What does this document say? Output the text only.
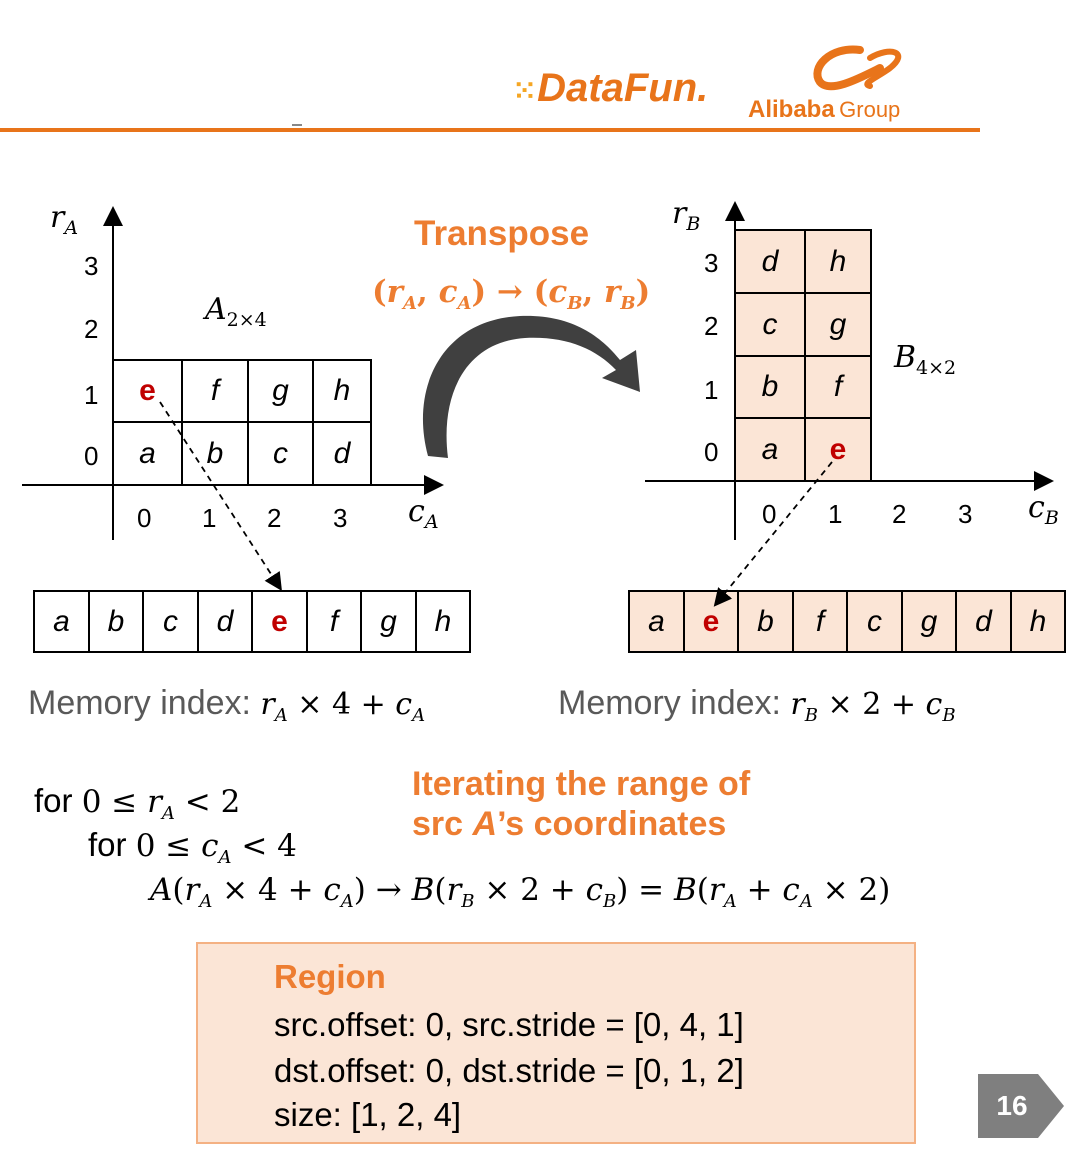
⁙DataFun. Alibaba Group
$r_A$
3
2
1
0
0 1 2 3 $c_A$
$A_{2\times 4}$
e	f	g	h
a	b	c	d
Transpose
($r_A$, $c_A) \to (c_B$, $r_B$)
$r_B$
3
2
1
0
0 1 2 3 $c_B$
$B_{4\times 2}$
d	h
c	g
b	f
a	e
a	b	c	d	e	f	g	h	a	e	b	f	c	g	d	h
Memory index: $r_A \times 4 + c_A$	Memory index: $r_B \times 2 + c_B$
for $0 \le r_A < 2$
for $0 \le c_A < 4$
$A(r_A \times 4 + c_A) \to B(r_B \times 2 + c_B) = B(r_A + c_A \times 2)$
Iterating the range of
src A’s coordinates
Region
src.offset: 0, src.stride = [0, 4, 1]
dst.offset: 0, dst.stride = [0, 1, 2]
size: [1, 2, 4]	16
